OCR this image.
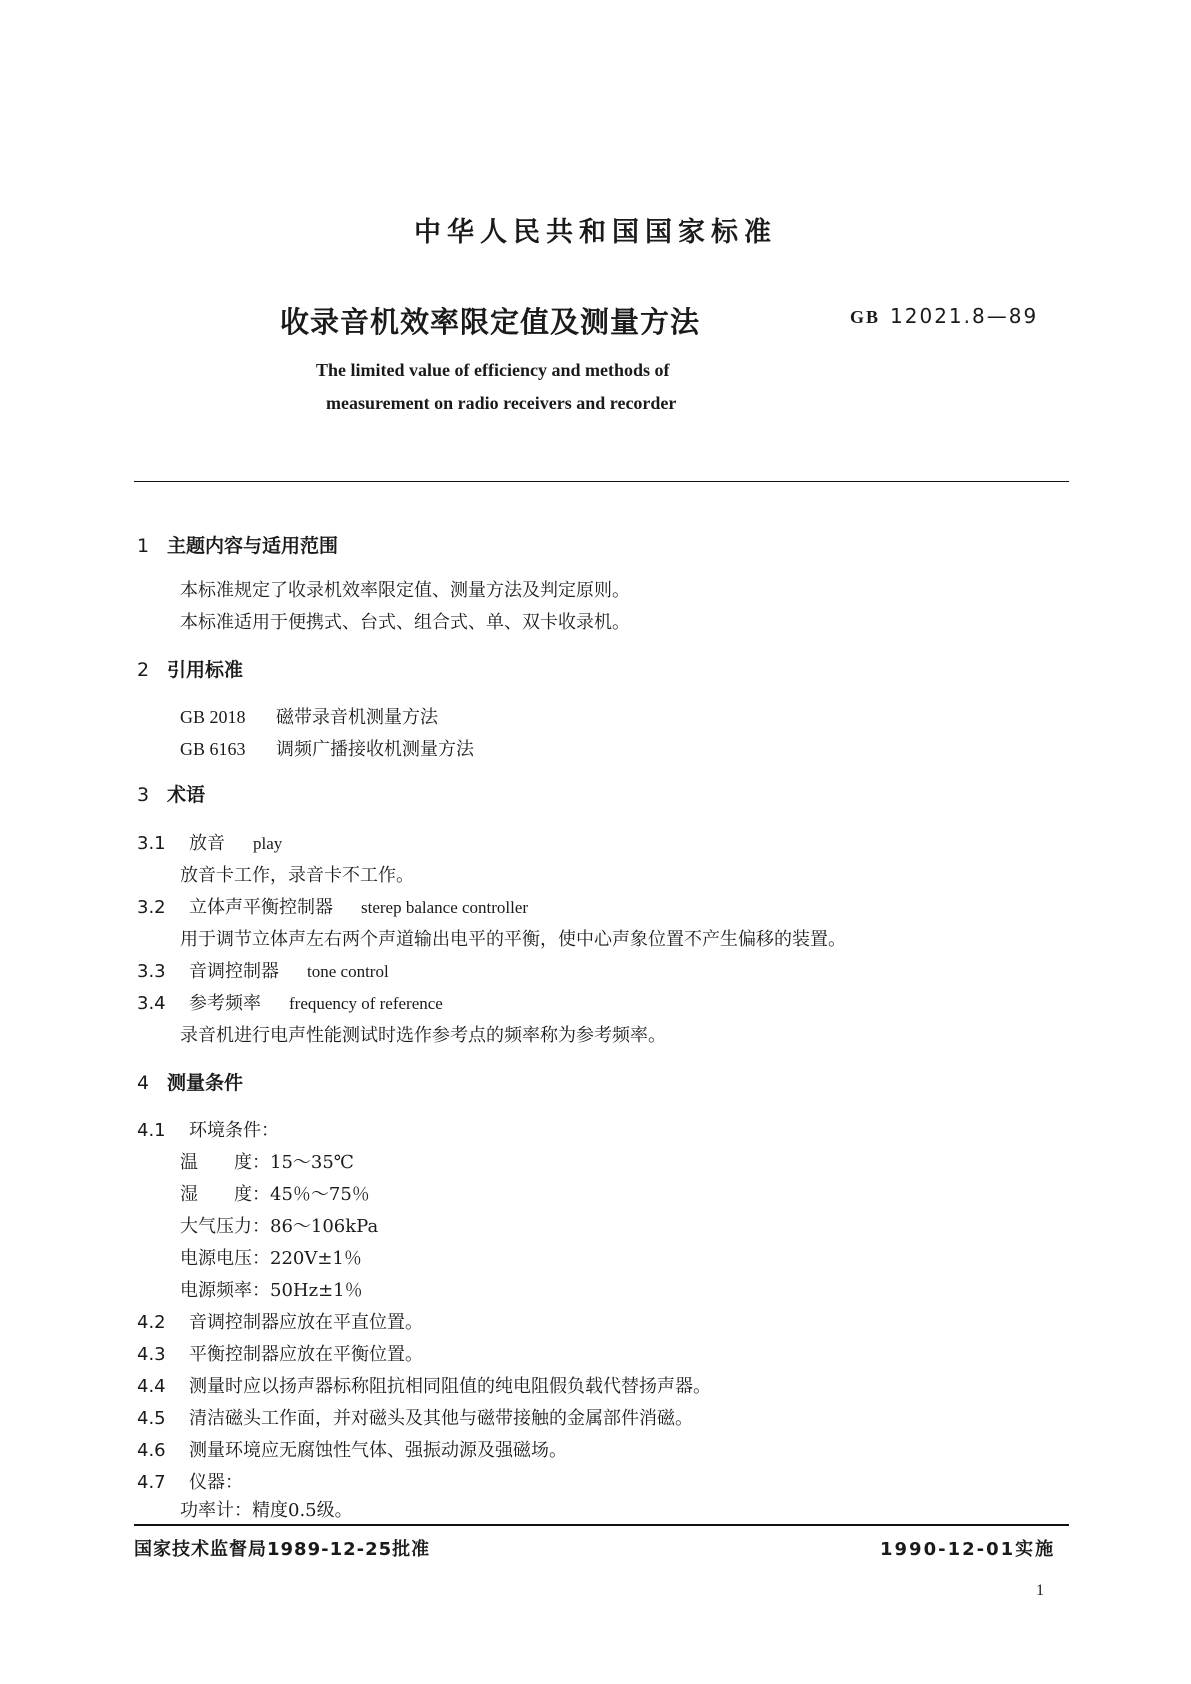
中华人民共和国国家标准
收录音机效率限定值及测量方法	GB 12021.8—89
The limited value of efficiency and methods of
measurement on radio receivers and recorder
1 主题内容与适用范围
本标准规定了收录机效率限定值、测量方法及判定原则。
本标准适用于便携式、台式、组合式、单、双卡收录机。
2 引用标准
GB 2018 磁带录音机测量方法
GB 6163 调频广播接收机测量方法
3 术语
3.1 放音 play
放音卡工作，录音卡不工作。
3.2 立体声平衡控制器 sterep balance controller
用于调节立体声左右两个声道输出电平的平衡，使中心声象位置不产生偏移的装置。
3.3 音调控制器 tone control
3.4 参考频率 frequency of reference
录音机进行电声性能测试时选作参考点的频率称为参考频率。
4 测量条件
4.1 环境条件：
温　　度：15～35℃
湿　　度：45％～75％
大气压力：86～106kPa
电源电压：220V±1％
电源频率：50Hz±1％
4.2 音调控制器应放在平直位置。
4.3 平衡控制器应放在平衡位置。
4.4 测量时应以扬声器标称阻抗相同阻值的纯电阻假负载代替扬声器。
4.5 清洁磁头工作面，并对磁头及其他与磁带接触的金属部件消磁。
4.6 测量环境应无腐蚀性气体、强振动源及强磁场。
4.7 仪器：
功率计：精度0.5级。
国家技术监督局1989-12-25批准	1990-12-01实施
1
